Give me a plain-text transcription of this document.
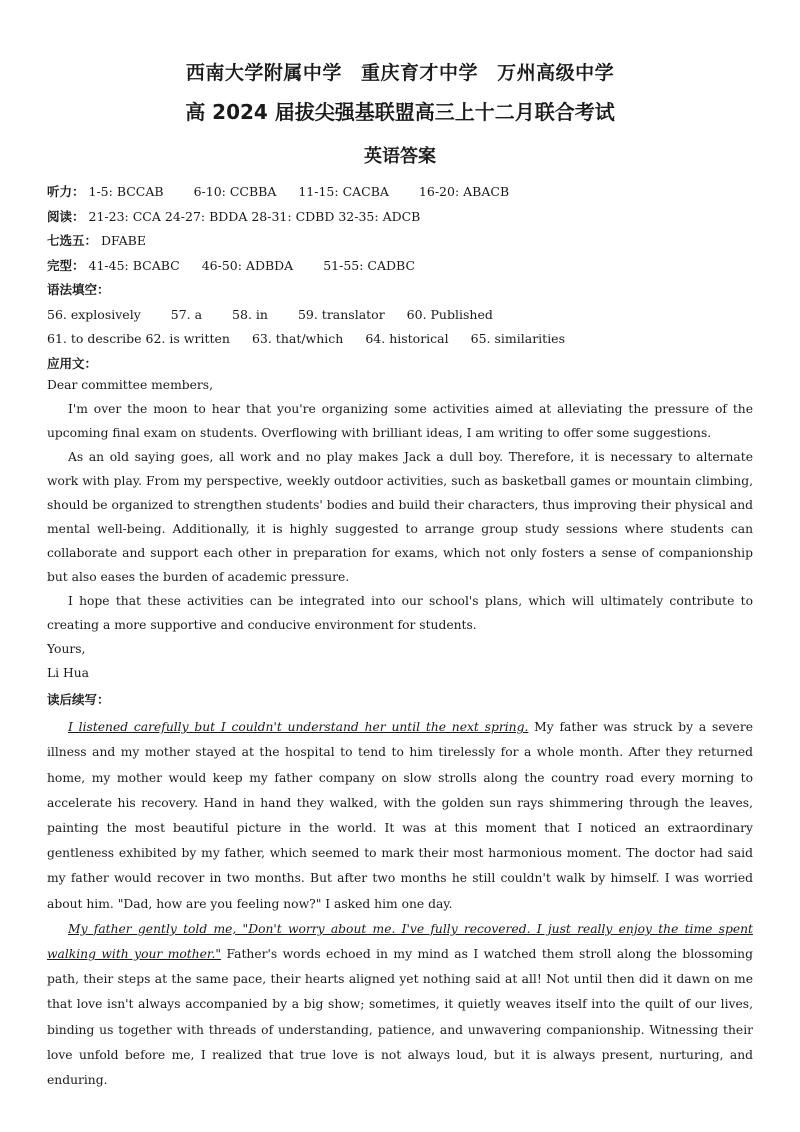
西南大学附属中学 重庆育才中学 万州高级中学
高 2024 届拔尖强基联盟高三上十二月联合考试
英语答案
听力： 1-5: BCCAB 6-10: CCBBA 11-15: CACBA 16-20: ABACB
阅读： 21-23: CCA 24-27: BDDA 28-31: CDBD 32-35: ADCB
七选五： DFABE
完型： 41-45: BCABC 46-50: ADBDA 51-55: CADBC
语法填空：
56. explosively 57. a 58. in 59. translator 60. Published
61. to describe 62. is written 63. that/which 64. historical 65. similarities
应用文：

Dear committee members,

I'm over the moon to hear that you're organizing some activities aimed at alleviating the pressure of the upcoming final exam on students. Overflowing with brilliant ideas, I am writing to offer some suggestions.

As an old saying goes, all work and no play makes Jack a dull boy. Therefore, it is necessary to alternate work with play. From my perspective, weekly outdoor activities, such as basketball games or mountain climbing, should be organized to strengthen students' bodies and build their characters, thus improving their physical and mental well-being. Additionally, it is highly suggested to arrange group study sessions where students can collaborate and support each other in preparation for exams, which not only fosters a sense of companionship but also eases the burden of academic pressure.

I hope that these activities can be integrated into our school's plans, which will ultimately contribute to creating a more supportive and conducive environment for students.

Yours,

Li Hua

读后续写：

I listened carefully but I couldn't understand her until the next spring. My father was struck by a severe illness and my mother stayed at the hospital to tend to him tirelessly for a whole month. After they returned home, my mother would keep my father company on slow strolls along the country road every morning to accelerate his recovery. Hand in hand they walked, with the golden sun rays shimmering through the leaves, painting the most beautiful picture in the world. It was at this moment that I noticed an extraordinary gentleness exhibited by my father, which seemed to mark their most harmonious moment. The doctor had said my father would recover in two months. But after two months he still couldn't walk by himself. I was worried about him. "Dad, how are you feeling now?" I asked him one day.

My father gently told me, "Don't worry about me. I've fully recovered. I just really enjoy the time spent walking with your mother." Father's words echoed in my mind as I watched them stroll along the blossoming path, their steps at the same pace, their hearts aligned yet nothing said at all! Not until then did it dawn on me that love isn't always accompanied by a big show; sometimes, it quietly weaves itself into the quilt of our lives, binding us together with threads of understanding, patience, and unwavering companionship. Witnessing their love unfold before me, I realized that true love is not always loud, but it is always present, nurturing, and enduring.
